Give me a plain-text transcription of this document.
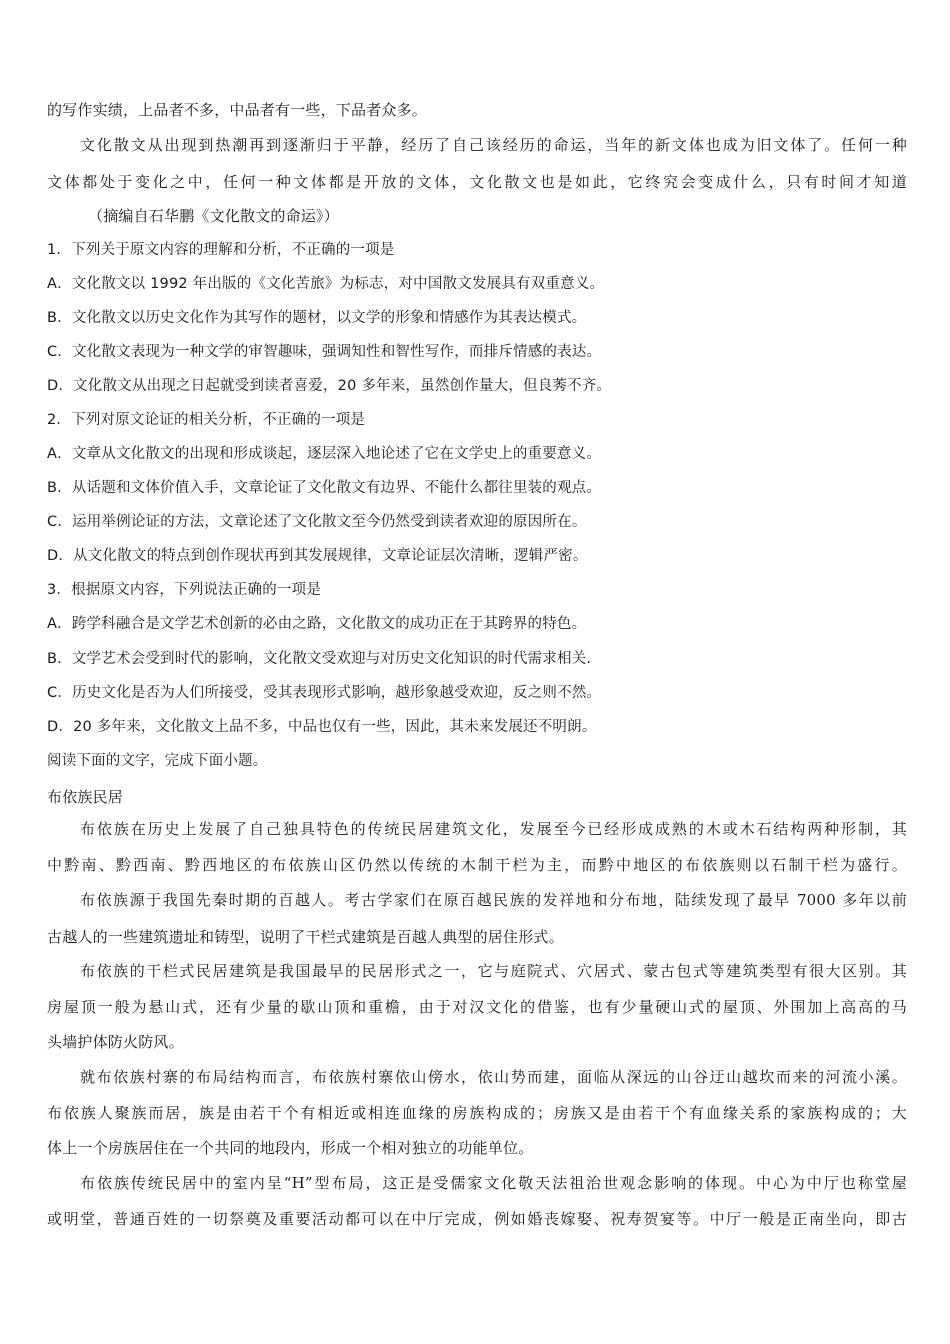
的写作实绩，上品者不多，中品者有一些，下品者众多。
文化散文从出现到热潮再到逐渐归于平静，经历了自己该经历的命运，当年的新文体也成为旧文体了。任何一种
文体都处于变化之中，任何一种文体都是开放的文体，文化散文也是如此，它终究会变成什么，只有时间才知道
（摘编自石华鹏《文化散文的命运》）
1．下列关于原文内容的理解和分析，不正确的一项是
A．文化散文以 1992 年出版的《文化苦旅》为标志，对中国散文发展具有双重意义。
B．文化散文以历史文化作为其写作的题材，以文学的形象和情感作为其表达模式。
C．文化散文表现为一种文学的审智趣味，强调知性和智性写作，而排斥情感的表达。
D．文化散文从出现之日起就受到读者喜爱，20 多年来，虽然创作量大，但良莠不齐。
2．下列对原文论证的相关分析，不正确的一项是
A．文章从文化散文的出现和形成谈起，逐层深入地论述了它在文学史上的重要意义。
B．从话题和文体价值入手，文章论证了文化散文有边界、不能什么都往里装的观点。
C．运用举例论证的方法，文章论述了文化散文至今仍然受到读者欢迎的原因所在。
D．从文化散文的特点到创作现状再到其发展规律，文章论证层次清晰，逻辑严密。
3．根据原文内容，下列说法正确的一项是
A．跨学科融合是文学艺术创新的必由之路，文化散文的成功正在于其跨界的特色。
B．文学艺术会受到时代的影响，文化散文受欢迎与对历史文化知识的时代需求相关.
C．历史文化是否为人们所接受，受其表现形式影响，越形象越受欢迎，反之则不然。
D．20 多年来，文化散文上品不多，中品也仅有一些，因此，其未来发展还不明朗。
阅读下面的文字，完成下面小题。
布依族民居
布依族在历史上发展了自己独具特色的传统民居建筑文化，发展至今已经形成成熟的木或木石结构两种形制，其
中黔南、黔西南、黔西地区的布依族山区仍然以传统的木制干栏为主，而黔中地区的布依族则以石制干栏为盛行。
布依族源于我国先秦时期的百越人。考古学家们在原百越民族的发祥地和分布地，陆续发现了最早 7000 多年以前
古越人的一些建筑遗址和铸型，说明了干栏式建筑是百越人典型的居住形式。
布依族的干栏式民居建筑是我国最早的民居形式之一，它与庭院式、穴居式、蒙古包式等建筑类型有很大区别。其
房屋顶一般为悬山式，还有少量的歇山顶和重檐，由于对汉文化的借鉴，也有少量硬山式的屋顶、外围加上高高的马
头墙护体防火防风。
就布依族村寨的布局结构而言，布依族村寨依山傍水，依山势而建，面临从深远的山谷迂山越坎而来的河流小溪。
布依族人聚族而居，族是由若干个有相近或相连血缘的房族构成的；房族又是由若干个有血缘关系的家族构成的；大
体上一个房族居住在一个共同的地段内，形成一个相对独立的功能单位。
布依族传统民居中的室内呈“H”型布局，这正是受儒家文化敬天法祖治世观念影响的体现。中心为中厅也称堂屋
或明堂，普通百姓的一切祭奠及重要活动都可以在中厅完成，例如婚丧嫁娶、祝寿贺宴等。中厅一般是正南坐向，即古
